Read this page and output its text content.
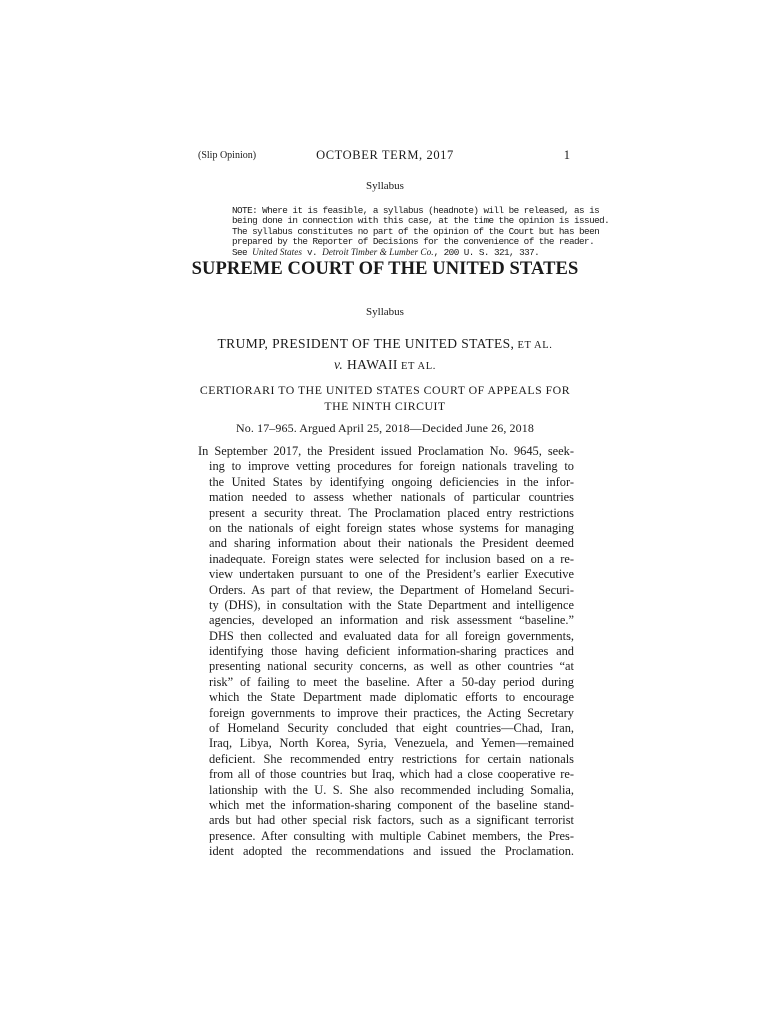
(Slip Opinion)	OCTOBER TERM, 2017	1
Syllabus
NOTE: Where it is feasible, a syllabus (headnote) will be released, as is
being done in connection with this case, at the time the opinion is issued.
The syllabus constitutes no part of the opinion of the Court but has been
prepared by the Reporter of Decisions for the convenience of the reader.
See United States v. Detroit Timber & Lumber Co., 200 U. S. 321, 337.
SUPREME COURT OF THE UNITED STATES
Syllabus
TRUMP, PRESIDENT OF THE UNITED STATES, ET AL.
v. HAWAII ET AL.
CERTIORARI TO THE UNITED STATES COURT OF APPEALS FOR
THE NINTH CIRCUIT
No. 17–965. Argued April 25, 2018—Decided June 26, 2018
In September 2017, the President issued Proclamation No. 9645, seek-
ing to improve vetting procedures for foreign nationals traveling to
the United States by identifying ongoing deficiencies in the infor-
mation needed to assess whether nationals of particular countries
present a security threat. The Proclamation placed entry restrictions
on the nationals of eight foreign states whose systems for managing
and sharing information about their nationals the President deemed
inadequate. Foreign states were selected for inclusion based on a re-
view undertaken pursuant to one of the President’s earlier Executive
Orders. As part of that review, the Department of Homeland Securi-
ty (DHS), in consultation with the State Department and intelligence
agencies, developed an information and risk assessment “baseline.”
DHS then collected and evaluated data for all foreign governments,
identifying those having deficient information-sharing practices and
presenting national security concerns, as well as other countries “at
risk” of failing to meet the baseline. After a 50-day period during
which the State Department made diplomatic efforts to encourage
foreign governments to improve their practices, the Acting Secretary
of Homeland Security concluded that eight countries—Chad, Iran,
Iraq, Libya, North Korea, Syria, Venezuela, and Yemen—remained
deficient. She recommended entry restrictions for certain nationals
from all of those countries but Iraq, which had a close cooperative re-
lationship with the U. S. She also recommended including Somalia,
which met the information-sharing component of the baseline stand-
ards but had other special risk factors, such as a significant terrorist
presence. After consulting with multiple Cabinet members, the Pres-
ident adopted the recommendations and issued the Proclamation.
